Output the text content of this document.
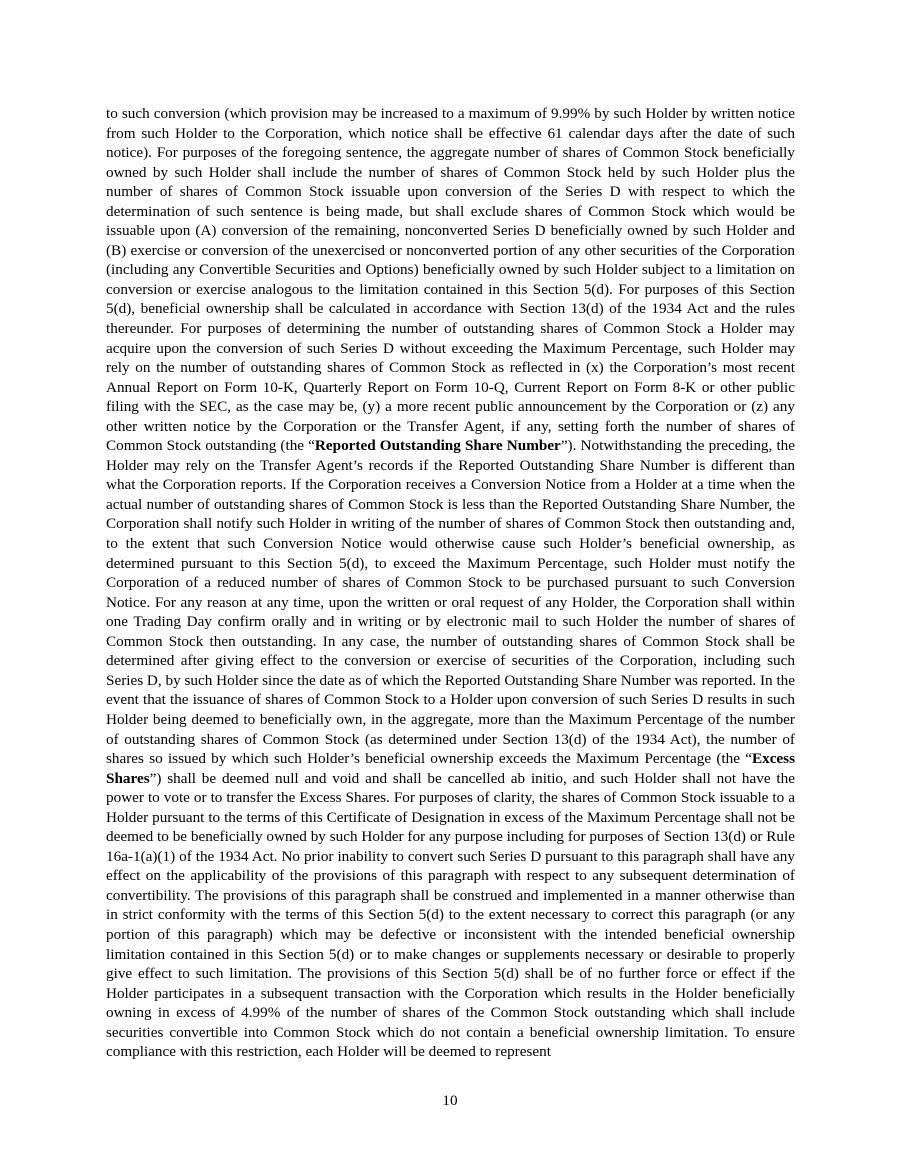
to such conversion (which provision may be increased to a maximum of 9.99% by such Holder by written notice from such Holder to the Corporation, which notice shall be effective 61 calendar days after the date of such notice). For purposes of the foregoing sentence, the aggregate number of shares of Common Stock beneficially owned by such Holder shall include the number of shares of Common Stock held by such Holder plus the number of shares of Common Stock issuable upon conversion of the Series D with respect to which the determination of such sentence is being made, but shall exclude shares of Common Stock which would be issuable upon (A) conversion of the remaining, nonconverted Series D beneficially owned by such Holder and (B) exercise or conversion of the unexercised or nonconverted portion of any other securities of the Corporation (including any Convertible Securities and Options) beneficially owned by such Holder subject to a limitation on conversion or exercise analogous to the limitation contained in this Section 5(d). For purposes of this Section 5(d), beneficial ownership shall be calculated in accordance with Section 13(d) of the 1934 Act and the rules thereunder. For purposes of determining the number of outstanding shares of Common Stock a Holder may acquire upon the conversion of such Series D without exceeding the Maximum Percentage, such Holder may rely on the number of outstanding shares of Common Stock as reflected in (x) the Corporation’s most recent Annual Report on Form 10-K, Quarterly Report on Form 10-Q, Current Report on Form 8-K or other public filing with the SEC, as the case may be, (y) a more recent public announcement by the Corporation or (z) any other written notice by the Corporation or the Transfer Agent, if any, setting forth the number of shares of Common Stock outstanding (the “Reported Outstanding Share Number”). Notwithstanding the preceding, the Holder may rely on the Transfer Agent’s records if the Reported Outstanding Share Number is different than what the Corporation reports. If the Corporation receives a Conversion Notice from a Holder at a time when the actual number of outstanding shares of Common Stock is less than the Reported Outstanding Share Number, the Corporation shall notify such Holder in writing of the number of shares of Common Stock then outstanding and, to the extent that such Conversion Notice would otherwise cause such Holder’s beneficial ownership, as determined pursuant to this Section 5(d), to exceed the Maximum Percentage, such Holder must notify the Corporation of a reduced number of shares of Common Stock to be purchased pursuant to such Conversion Notice. For any reason at any time, upon the written or oral request of any Holder, the Corporation shall within one Trading Day confirm orally and in writing or by electronic mail to such Holder the number of shares of Common Stock then outstanding. In any case, the number of outstanding shares of Common Stock shall be determined after giving effect to the conversion or exercise of securities of the Corporation, including such Series D, by such Holder since the date as of which the Reported Outstanding Share Number was reported. In the event that the issuance of shares of Common Stock to a Holder upon conversion of such Series D results in such Holder being deemed to beneficially own, in the aggregate, more than the Maximum Percentage of the number of outstanding shares of Common Stock (as determined under Section 13(d) of the 1934 Act), the number of shares so issued by which such Holder’s beneficial ownership exceeds the Maximum Percentage (the “Excess Shares”) shall be deemed null and void and shall be cancelled ab initio, and such Holder shall not have the power to vote or to transfer the Excess Shares. For purposes of clarity, the shares of Common Stock issuable to a Holder pursuant to the terms of this Certificate of Designation in excess of the Maximum Percentage shall not be deemed to be beneficially owned by such Holder for any purpose including for purposes of Section 13(d) or Rule 16a-1(a)(1) of the 1934 Act. No prior inability to convert such Series D pursuant to this paragraph shall have any effect on the applicability of the provisions of this paragraph with respect to any subsequent determination of convertibility. The provisions of this paragraph shall be construed and implemented in a manner otherwise than in strict conformity with the terms of this Section 5(d) to the extent necessary to correct this paragraph (or any portion of this paragraph) which may be defective or inconsistent with the intended beneficial ownership limitation contained in this Section 5(d) or to make changes or supplements necessary or desirable to properly give effect to such limitation. The provisions of this Section 5(d) shall be of no further force or effect if the Holder participates in a subsequent transaction with the Corporation which results in the Holder beneficially owning in excess of 4.99% of the number of shares of the Common Stock outstanding which shall include securities convertible into Common Stock which do not contain a beneficial ownership limitation. To ensure compliance with this restriction, each Holder will be deemed to represent

10
